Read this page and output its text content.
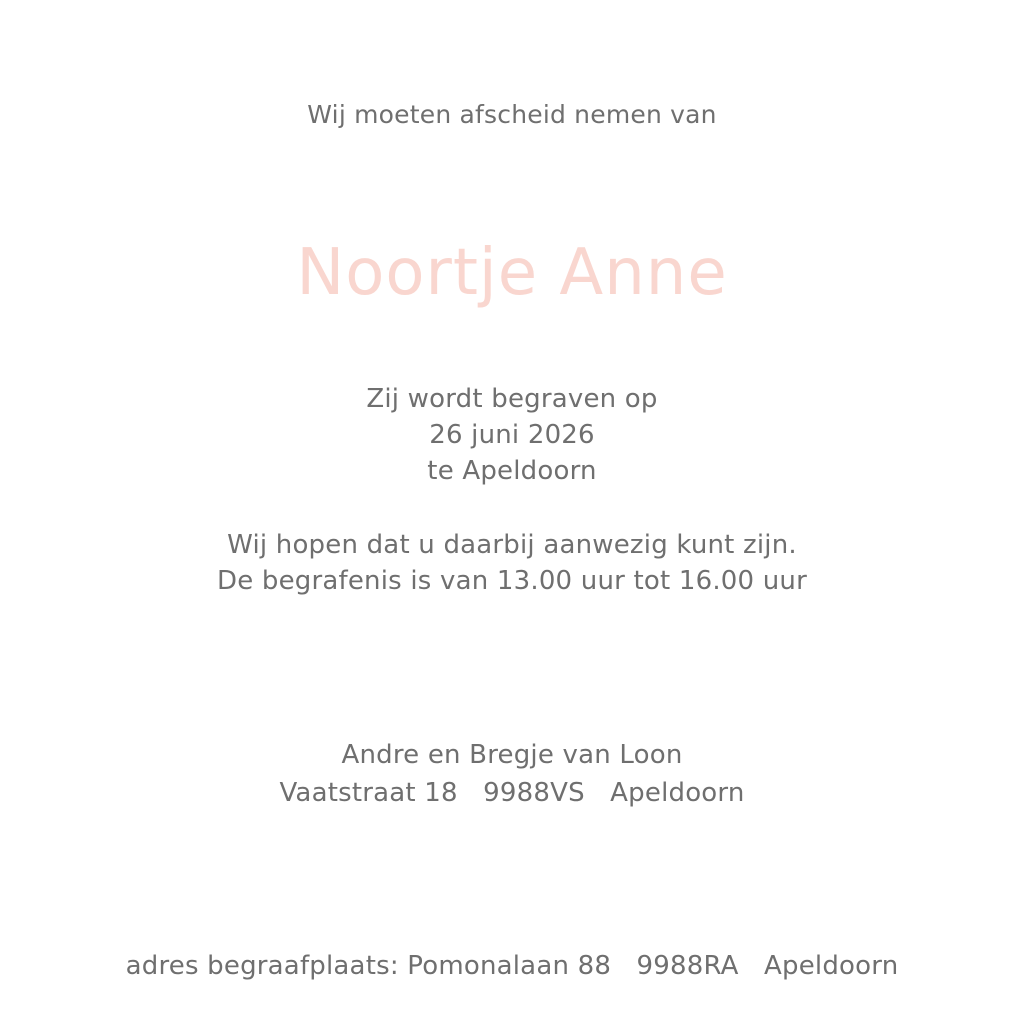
Wij moeten afscheid nemen van
Noortje Anne
Zij wordt begraven op
26 juni 2026
te Apeldoorn
Wij hopen dat u daarbij aanwezig kunt zijn.
De begrafenis is van 13.00 uur tot 16.00 uur
Andre en Bregje van Loon
Vaatstraat 18   9988VS   Apeldoorn
adres begraafplaats: Pomonalaan 88   9988RA   Apeldoorn
